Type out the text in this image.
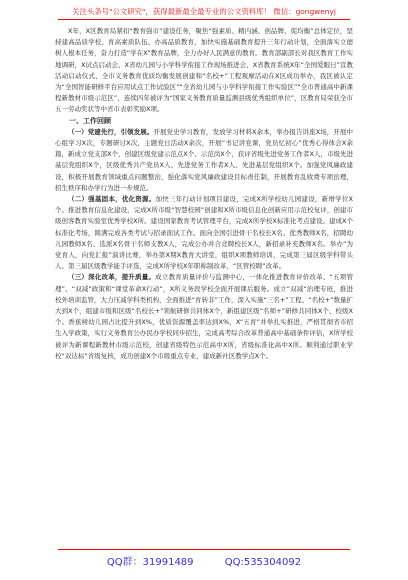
关注头条号"公文研究"，获得最新最全最专业的公文资料库！ 微信：gongwenyj

X年，X区教育局紧扣“教育强市”建设任务，聚焦“强素质、精内涵、创品牌、促均衡”总体定位，坚持建高品质学校、育高素质队伍、办高品质教育，加快实施基础教育提升三年行动计划，全面落实立德树人根本任务，奋力打造“学在X”教育品牌，全力办好人民满意的教育。教育部副部长对我区教育工作实地调研，X试点启动会、X省幼儿园与小学科学衔接工作现场推进会、X省教育系统X年“全国爱眼日”宣教活动启动仪式、全市义务教育优质均衡发展创建和“名校+”工程观摩活动在X区成功举办，我区被认定为“全国智能研修平台应用试点工作试验区”“全省幼儿园与小学科学衔接工作实验区”“全市普通高中新课程新教材市级示范区”，连续四年被评为“国家义务教育质量监测县级优秀组织单位”，区教育局荣获全市五一劳动奖状等中省市表彰奖励X项。

一、工作回顾

（一）党建先行，引领发展。开展党史学习教育，发放学习材料X余本，举办报告讲座X场，开展中心组学习X次，专题研讨X次，主题党日活动X余次，开展“书记讲党课，党员忆初心”优秀心得体会X余篇，新成立党支部X个，创建区级党建示范点X个、示范岗X个，获评省级先进党务工作者X人，市级先进基层党组织X个，区级优秀共产党员X人、先进党务工作者X人、先进基层党组织X个。加强党风廉政建设，积极开展教育领域重点问题整治，强化落实党风廉政建设目标责任制，开展教育乱收费专项治理，招生秩序和办学行为进一步规范。

（二）强基固本，优化资源。加快三年行动计划项目建设，完成X所学校幼儿园建设，新增学位X个。推进教育信息化建设，完成X所市级“智慧校园”创建和X所市级信息化创新应用示范校复评，创建市级创客教育实验室优秀学校X所。建设国家教育考试管理平台，完成X所学校X标准化考点建设。建成X个标准化考场，圆满完成各类考试与招录面试工作。面向全国引进骨干名校长X名、优秀教师X名，招聘幼儿园教师X名、选派X名骨干名师支教X人，完成公办并合竞聘校长X人，新招录补充教师X名。举办“为党育人，向党汇报”演讲比赛，举办第X期X教育大讲堂，组织X项教师培训，完成第三届区级学科带头人、第三届区级教学能手评选，完成X所学校X年职称制改革、“区管校聘”改革。

（三）深化改革，提升质量。成立教育质量评价与监测中心，一体化推进教育评价改革、“五项管理”、“双减”政策和“课堂革命X行动”，X所义务段学校全面开展课后服务。成立“双减”治理专班，推进校外培训监管，大力压减学科类机构，全面推进“育转非”工作，深入实施“三名+”工程、“名校+”数量扩大到X个，组建市级和区级“名校长+”领航研修共同体X个，新组建区级“名师+”研修共同体X个、校级X个。香蕉树幼儿园占比提升到X%，优质资源覆盖率达到X%，X“五育”并举扎实推进，严格贯彻省市招生入学政策，实行义务教育公办民办学校同步招生，完成高考综合改革普通高中基础条件评估，X所学校被评为新课程新教材市级示范校，创建省级特色示范高中X所，省级标准化高中X所。顺利通过职业学校“双达标”省级复核，成功创建X个市级重点专业，建成新社区教学点X个。

QQ群：31991489	QQ:535304092
